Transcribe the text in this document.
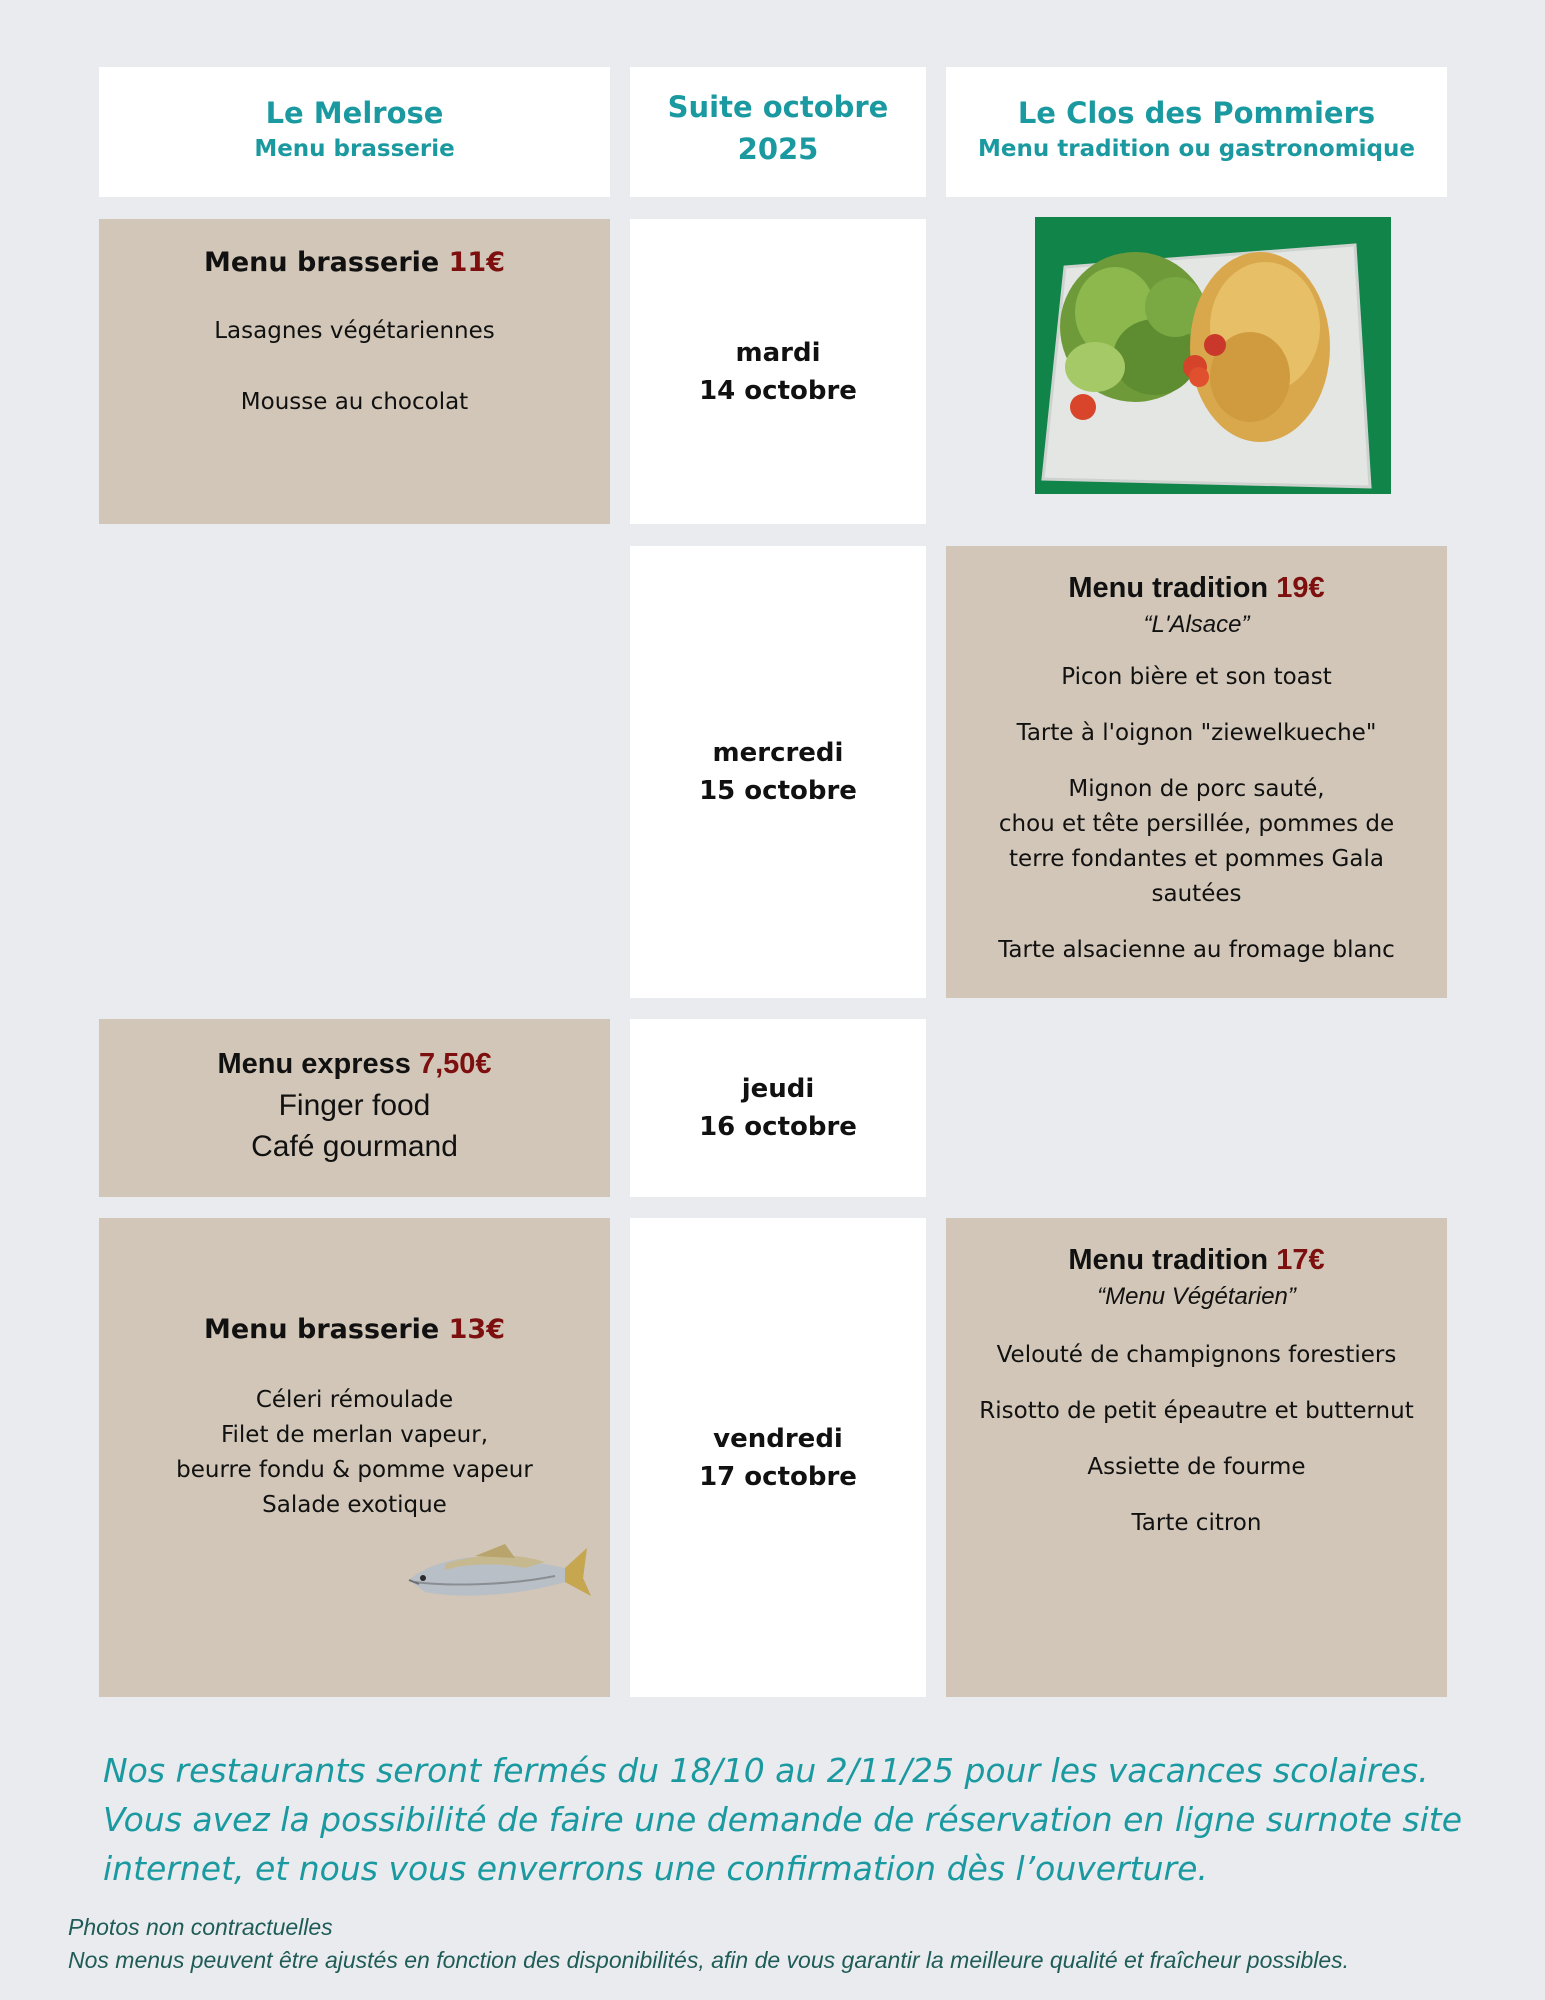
Le Melrose
Menu brasserie
Suite octobre
2025
Le Clos des Pommiers
Menu tradition ou gastronomique
Menu brasserie 11€
Lasagnes végétariennes
Mousse au chocolat
mardi
14 octobre
mercredi
15 octobre
Menu tradition 19€
“L'Alsace”
Picon bière et son toast
Tarte à l'oignon "ziewelkueche"
Mignon de porc sauté,
chou et tête persillée, pommes de
terre fondantes et pommes Gala
sautées
Tarte alsacienne au fromage blanc
Menu express 7,50€
Finger food
Café gourmand
jeudi
16 octobre
Menu brasserie 13€
Céleri rémoulade
Filet de merlan vapeur,
beurre fondu & pomme vapeur
Salade exotique
vendredi
17 octobre
Menu tradition 17€
“Menu Végétarien”
Velouté de champignons forestiers
Risotto de petit épeautre et butternut
Assiette de fourme
Tarte citron
Nos restaurants seront fermés du 18/10 au 2/11/25 pour les vacances scolaires.
Vous avez la possibilité de faire une demande de réservation en ligne surnote site
internet, et nous vous enverrons une confirmation dès l’ouverture.
Photos non contractuelles
Nos menus peuvent être ajustés en fonction des disponibilités, afin de vous garantir la meilleure qualité et fraîcheur possibles.
